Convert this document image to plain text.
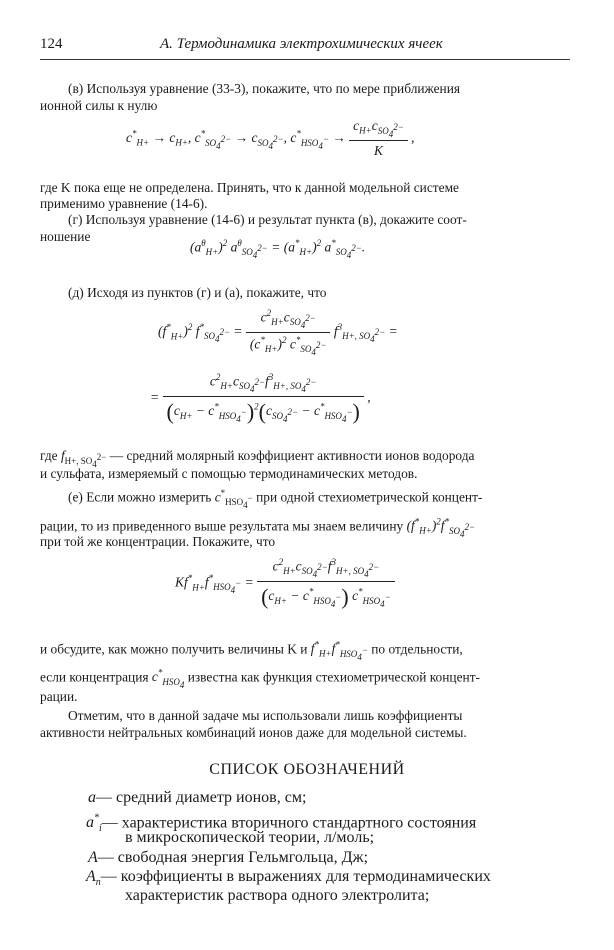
124	А. Термодинамика электрохимических ячеек
(в) Используя уравнение (33-3), покажите, что по мере приближения
ионной силы к нулю
$c^*_{H+} \to c_{H+}$, $c^*_{SO_4^{2-}} \to c_{SO_4^{2-}}$, $c^*_{HSO_4^-} \to \frac{c_{H+}c_{SO_4^{2-}}}{K}$ ,
где K пока еще не определена. Принять, что к данной модельной системе
применимо уравнение (14-6).
(г) Используя уравнение (14-6) и результат пункта (в), докажите соот-
ношение
$(a^\theta_{H+})^2$ $a^\theta_{SO_4^{2-}} = (a^*_{H+})^2$ $a^*_{SO_4^{2-}}$.
(д) Исходя из пунктов (г) и (а), покажите, что
$(f^*_{H+})^2$ $f^*_{SO_4^{2-}} = \frac{c^2_{H+}c_{SO_4^{2-}}}{(c^*_{H+})^2 c^*_{SO_4^{2-}}} f^3_{H+, SO_4^{2-}}$ =
= $\frac{c^2_{H+}c_{SO_4^{2-}}f^3_{H+, SO_4^{2-}}}{(c_{H+} - c^*_{HSO_4^-})^2(c_{SO_4^{2-}} - c^*_{HSO_4^-})}$ ,
где $f_{H+, SO_4^{2-}}$ — средний молярный коэффициент активности ионов водорода
и сульфата, измеряемый с помощью термодинамических методов.
(е) Если можно измерить $c^*_{HSO_4^-}$ при одной стехиометрической концент-
рации, то из приведенного выше результата мы знаем величину $(f^*_{H+})^2f^*_{SO_4^{2-}}$
при той же концентрации. Покажите, что
$Kf^*_{H+}f^*_{HSO_4^-} = \frac{c^2_{H+}c_{SO_4^{2-}}f^3_{H+, SO_4^{2-}}}{(c_{H+} - c^*_{HSO_4^-}) c^*_{HSO_4^-}}$
и обсудите, как можно получить величины K и $f^*_{H+}f^*_{HSO_4^-}$ по отдельности,
если концентрация $c^*_{HSO_4}$ известна как функция стехиометрической концент-
рации.
Отметим, что в данной задаче мы использовали лишь коэффициенты
активности нейтральных комбинаций ионов даже для модельной системы.
СПИСОК ОБОЗНАЧЕНИЙ
a— средний диаметр ионов, см;
$a^*_i—$ характеристика вторичного стандартного состояния
в микроскопической теории, л/моль;
A— свободная энергия Гельмгольца, Дж;
$A_n—$ коэффициенты в выражениях для термодинамических
характеристик раствора одного электролита;
